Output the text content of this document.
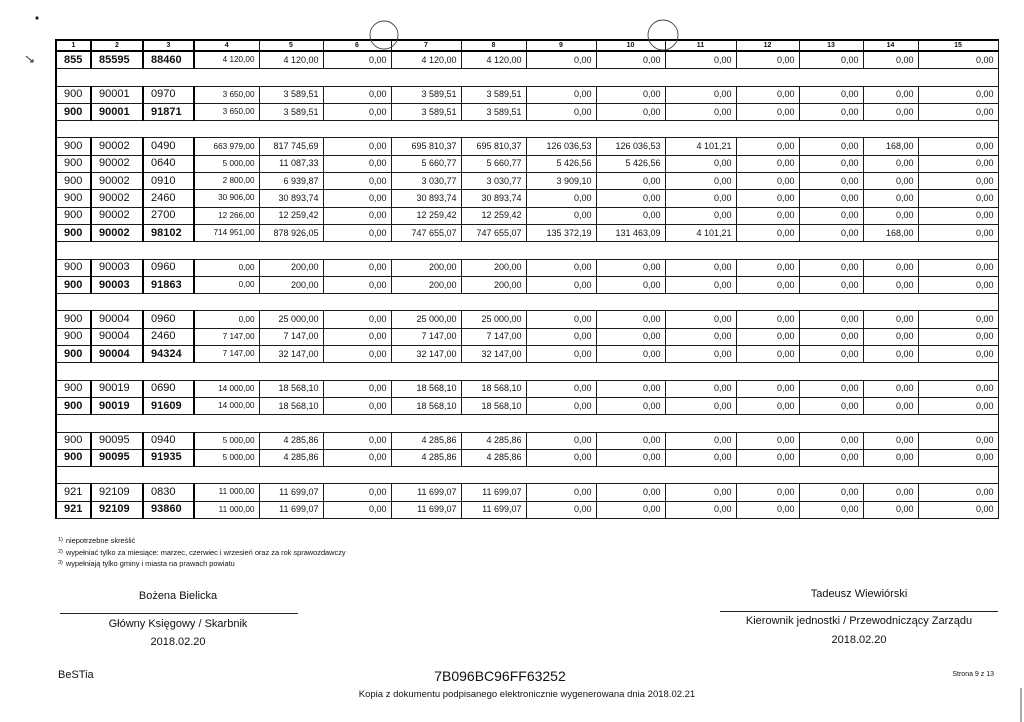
1	2	3	4	5	6	7	8	9	10	11	12	13	14	15
855	85595	88460	4 120,00	4 120,00	0,00	4 120,00	4 120,00	0,00	0,00	0,00	0,00	0,00	0,00	0,00

900	90001	0970	3 650,00	3 589,51	0,00	3 589,51	3 589,51	0,00	0,00	0,00	0,00	0,00	0,00	0,00
900	90001	91871	3 650,00	3 589,51	0,00	3 589,51	3 589,51	0,00	0,00	0,00	0,00	0,00	0,00	0,00

900	90002	0490	663 979,00	817 745,69	0,00	695 810,37	695 810,37	126 036,53	126 036,53	4 101,21	0,00	0,00	168,00	0,00
900	90002	0640	5 000,00	11 087,33	0,00	5 660,77	5 660,77	5 426,56	5 426,56	0,00	0,00	0,00	0,00	0,00
900	90002	0910	2 800,00	6 939,87	0,00	3 030,77	3 030,77	3 909,10	0,00	0,00	0,00	0,00	0,00	0,00
900	90002	2460	30 906,00	30 893,74	0,00	30 893,74	30 893,74	0,00	0,00	0,00	0,00	0,00	0,00	0,00
900	90002	2700	12 266,00	12 259,42	0,00	12 259,42	12 259,42	0,00	0,00	0,00	0,00	0,00	0,00	0,00
900	90002	98102	714 951,00	878 926,05	0,00	747 655,07	747 655,07	135 372,19	131 463,09	4 101,21	0,00	0,00	168,00	0,00

900	90003	0960	0,00	200,00	0,00	200,00	200,00	0,00	0,00	0,00	0,00	0,00	0,00	0,00
900	90003	91863	0,00	200,00	0,00	200,00	200,00	0,00	0,00	0,00	0,00	0,00	0,00	0,00

900	90004	0960	0,00	25 000,00	0,00	25 000,00	25 000,00	0,00	0,00	0,00	0,00	0,00	0,00	0,00
900	90004	2460	7 147,00	7 147,00	0,00	7 147,00	7 147,00	0,00	0,00	0,00	0,00	0,00	0,00	0,00
900	90004	94324	7 147,00	32 147,00	0,00	32 147,00	32 147,00	0,00	0,00	0,00	0,00	0,00	0,00	0,00

900	90019	0690	14 000,00	18 568,10	0,00	18 568,10	18 568,10	0,00	0,00	0,00	0,00	0,00	0,00	0,00
900	90019	91609	14 000,00	18 568,10	0,00	18 568,10	18 568,10	0,00	0,00	0,00	0,00	0,00	0,00	0,00

900	90095	0940	5 000,00	4 285,86	0,00	4 285,86	4 285,86	0,00	0,00	0,00	0,00	0,00	0,00	0,00
900	90095	91935	5 000,00	4 285,86	0,00	4 285,86	4 285,86	0,00	0,00	0,00	0,00	0,00	0,00	0,00

921	92109	0830	11 000,00	11 699,07	0,00	11 699,07	11 699,07	0,00	0,00	0,00	0,00	0,00	0,00	0,00
921	92109	93860	11 000,00	11 699,07	0,00	11 699,07	11 699,07	0,00	0,00	0,00	0,00	0,00	0,00	0,00
$^{1)}$ niepotrzebne skreślić
$^{2)}$ wypełniać tylko za miesiące: marzec, czerwiec i wrzesień oraz za rok sprawozdawczy
$^{3)}$ wypełniają tylko gminy i miasta na prawach powiatu
Bożena Bielicka
Główny Księgowy / Skarbnik
2018.02.20
Tadeusz Wiewiórski
Kierownik jednostki / Przewodniczący Zarządu
2018.02.20
BeSTia	7B096BC96FF63252	Strona 9 z 13
Kopia z dokumentu podpisanego elektronicznie wygenerowana dnia 2018.02.21
